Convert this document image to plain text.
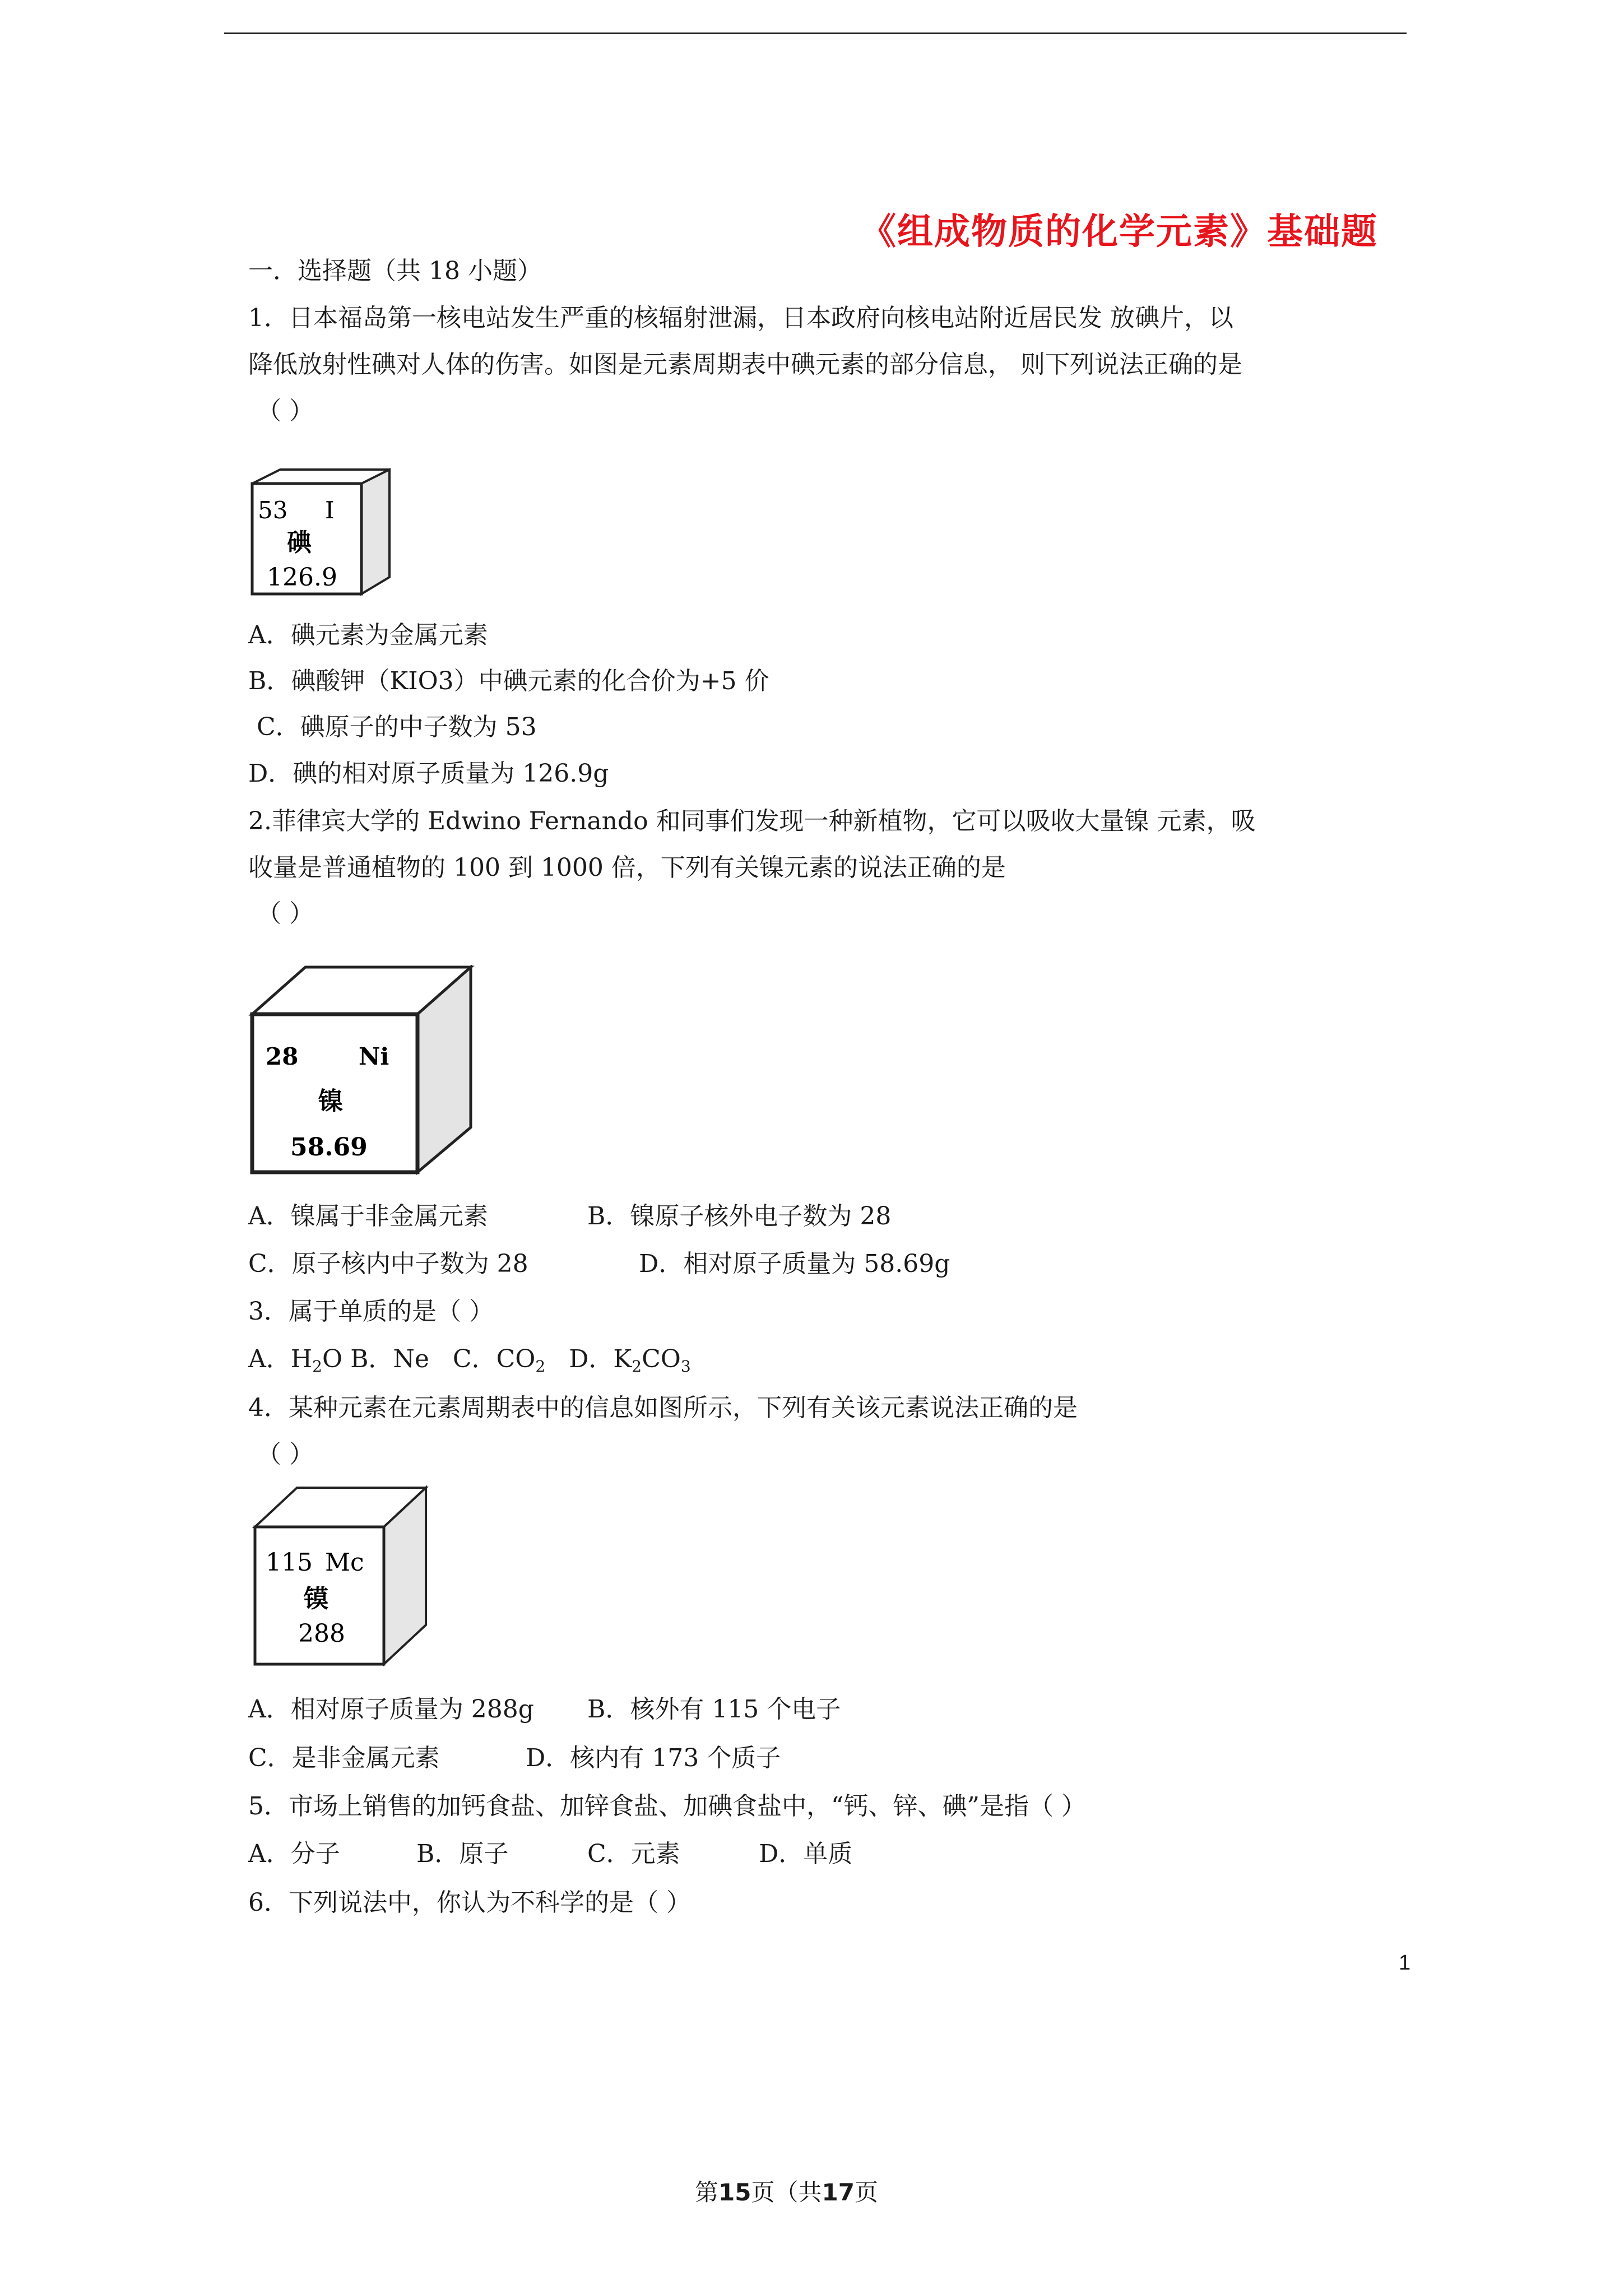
《组成物质的化学元素》基础题
一．选择题（共 18 小题）
1．日本福岛第一核电站发生严重的核辐射泄漏，日本政府向核电站附近居民发 放碘片，以
降低放射性碘对人体的伤害。如图是元素周期表中碘元素的部分信息， 则下列说法正确的是
（ ）
53 I
碘
126.9
A．碘元素为金属元素
B．碘酸钾（KIO3）中碘元素的化合价为+5 价
C．碘原子的中子数为 53
D．碘的相对原子质量为 126.9g
2.菲律宾大学的 Edwino Fernando 和同事们发现一种新植物，它可以吸收大量镍 元素，吸
收量是普通植物的 100 到 1000 倍，下列有关镍元素的说法正确的是
（ ）
28	Ni
镍
58.69
A．镍属于非金属元素	B．镍原子核外电子数为 28
C．原子核内中子数为 28	D．相对原子质量为 58.69g
3．属于单质的是（ ）
A．$H_2O$ B．Ne C．$CO_2$ D．$K_2CO_3$
4．某种元素在元素周期表中的信息如图所示，下列有关该元素说法正确的是
（ ）
115 Mc
镆
288
A．相对原子质量为 288g B．核外有 115 个电子
C．是非金属元素	D．核内有 173 个质子
5．市场上销售的加钙食盐、加锌食盐、加碘食盐中，“钙、锌、碘”是指（ ）
A．分子	B．原子	C．元素	D．单质
6．下列说法中，你认为不科学的是（ ）
1
第15页（共17页
